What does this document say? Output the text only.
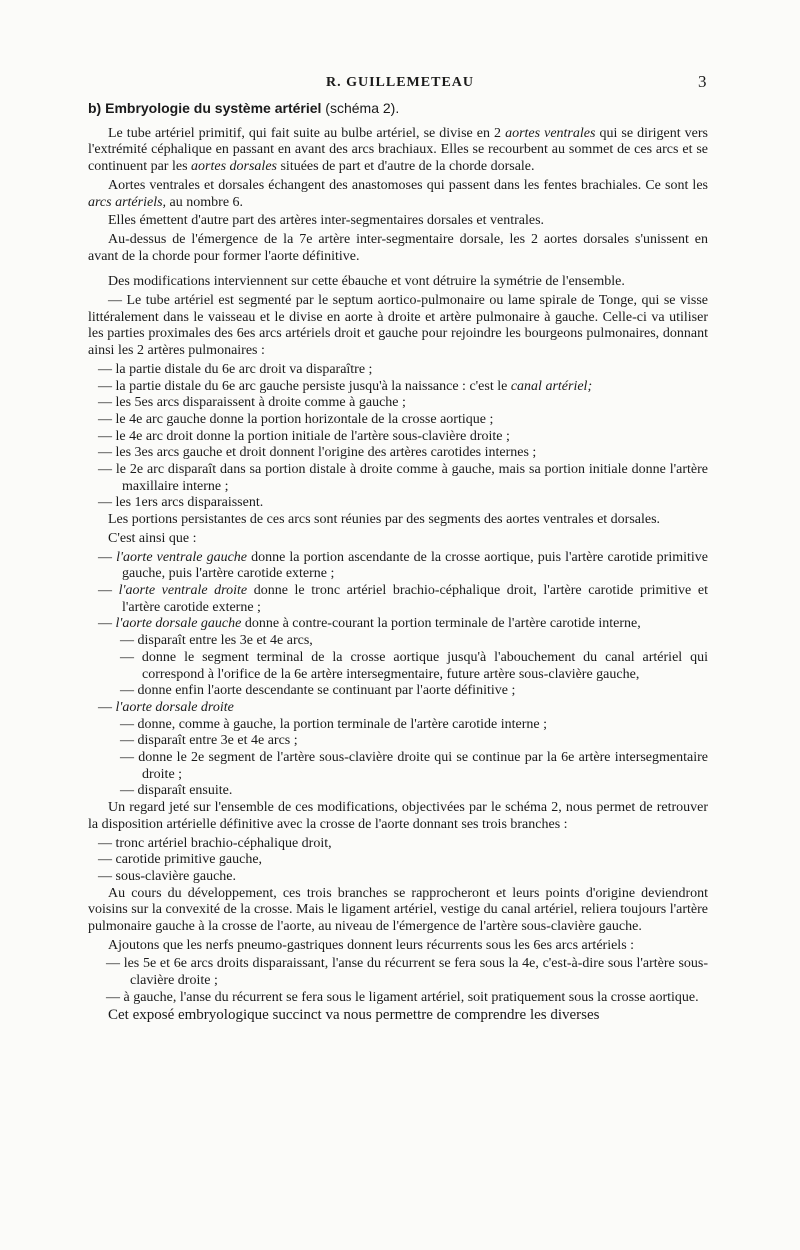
R. GUILLEMETEAU	3
b) Embryologie du système artériel (schéma 2).

Le tube artériel primitif, qui fait suite au bulbe artériel, se divise en 2 aortes ventrales qui se dirigent vers l'extrémité céphalique en passant en avant des arcs brachiaux. Elles se recourbent au sommet de ces arcs et se continuent par les aortes dorsales situées de part et d'autre de la chorde dorsale.

Aortes ventrales et dorsales échangent des anastomoses qui passent dans les fentes brachiales. Ce sont les arcs artériels, au nombre 6.

Elles émettent d'autre part des artères inter-segmentaires dorsales et ventrales.

Au-dessus de l'émergence de la 7e artère inter-segmentaire dorsale, les 2 aortes dorsales s'unissent en avant de la chorde pour former l'aorte définitive.

Des modifications interviennent sur cette ébauche et vont détruire la symétrie de l'ensemble.

— Le tube artériel est segmenté par le septum aortico-pulmonaire ou lame spirale de Tonge, qui se visse littéralement dans le vaisseau et le divise en aorte à droite et artère pulmonaire à gauche. Celle-ci va utiliser les parties proximales des 6es arcs artériels droit et gauche pour rejoindre les bourgeons pulmonaires, donnant ainsi les 2 artères pulmonaires :

— la partie distale du 6e arc droit va disparaître ;

— la partie distale du 6e arc gauche persiste jusqu'à la naissance : c'est le canal artériel;

— les 5es arcs disparaissent à droite comme à gauche ;

— le 4e arc gauche donne la portion horizontale de la crosse aortique ;

— le 4e arc droit donne la portion initiale de l'artère sous-clavière droite ;

— les 3es arcs gauche et droit donnent l'origine des artères carotides internes ;

— le 2e arc disparaît dans sa portion distale à droite comme à gauche, mais sa portion initiale donne l'artère maxillaire interne ;

— les 1ers arcs disparaissent.

Les portions persistantes de ces arcs sont réunies par des segments des aortes ventrales et dorsales.

C'est ainsi que :

— l'aorte ventrale gauche donne la portion ascendante de la crosse aortique, puis l'artère carotide primitive gauche, puis l'artère carotide externe ;

— l'aorte ventrale droite donne le tronc artériel brachio-céphalique droit, l'artère carotide primitive et l'artère carotide externe ;

— l'aorte dorsale gauche donne à contre-courant la portion terminale de l'artère carotide interne,

— disparaît entre les 3e et 4e arcs,

— donne le segment terminal de la crosse aortique jusqu'à l'abouchement du canal artériel qui correspond à l'orifice de la 6e artère intersegmentaire, future artère sous-clavière gauche,

— donne enfin l'aorte descendante se continuant par l'aorte définitive ;

— l'aorte dorsale droite

— donne, comme à gauche, la portion terminale de l'artère carotide interne ;

— disparaît entre 3e et 4e arcs ;

— donne le 2e segment de l'artère sous-clavière droite qui se continue par la 6e artère intersegmentaire droite ;

— disparaît ensuite.

Un regard jeté sur l'ensemble de ces modifications, objectivées par le schéma 2, nous permet de retrouver la disposition artérielle définitive avec la crosse de l'aorte donnant ses trois branches :

— tronc artériel brachio-céphalique droit,

— carotide primitive gauche,

— sous-clavière gauche.

Au cours du développement, ces trois branches se rapprocheront et leurs points d'origine deviendront voisins sur la convexité de la crosse. Mais le ligament artériel, vestige du canal artériel, reliera toujours l'artère pulmonaire gauche à la crosse de l'aorte, au niveau de l'émergence de l'artère sous-clavière gauche.

Ajoutons que les nerfs pneumo-gastriques donnent leurs récurrents sous les 6es arcs artériels :

— les 5e et 6e arcs droits disparaissant, l'anse du récurrent se fera sous la 4e, c'est-à-dire sous l'artère sous-clavière droite ;

— à gauche, l'anse du récurrent se fera sous le ligament artériel, soit pratiquement sous la crosse aortique.

Cet exposé embryologique succinct va nous permettre de comprendre les diverses
